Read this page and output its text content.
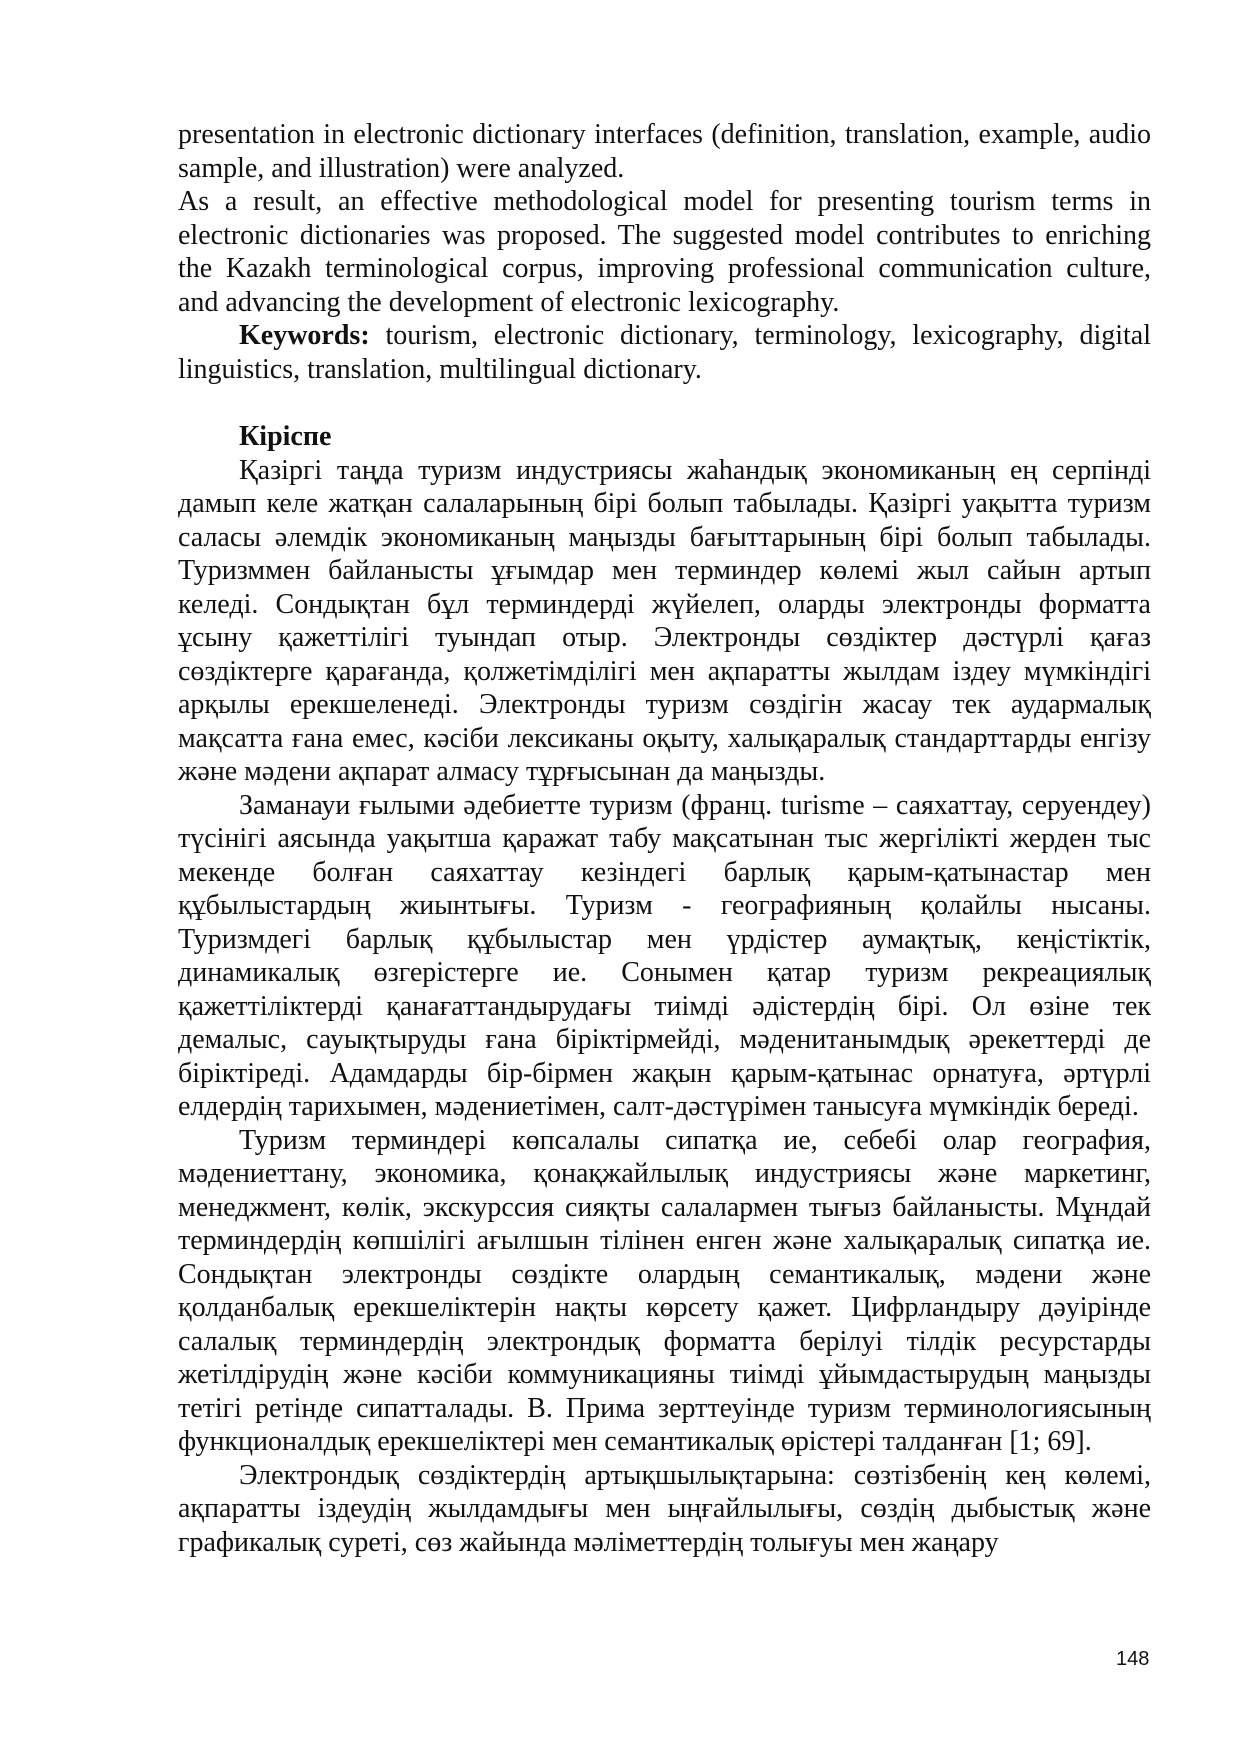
presentation in electronic dictionary interfaces (definition, translation, example, audio sample, and illustration) were analyzed.

As a result, an effective methodological model for presenting tourism terms in electronic dictionaries was proposed. The suggested model contributes to enriching the Kazakh terminological corpus, improving professional communication culture, and advancing the development of electronic lexicography.

Keywords: tourism, electronic dictionary, terminology, lexicography, digital linguistics, translation, multilingual dictionary.

Кіріспе

Қазіргі таңда туризм индустриясы жаһандық экономиканың ең серпінді дамып келе жатқан салаларының бірі болып табылады. Қазіргі уақытта туризм саласы әлемдік экономиканың маңызды бағыттарының бірі болып табылады. Туризммен байланысты ұғымдар мен терминдер көлемі жыл сайын артып келеді. Сондықтан бұл терминдерді жүйелеп, оларды электронды форматта ұсыну қажеттілігі туындап отыр. Электронды сөздіктер дәстүрлі қағаз сөздіктерге қарағанда, қолжетімділігі мен ақпаратты жылдам іздеу мүмкіндігі арқылы ерекшеленеді. Электронды туризм сөздігін жасау тек аудармалық мақсатта ғана емес, кәсіби лексиканы оқыту, халықаралық стандарттарды енгізу және мәдени ақпарат алмасу тұрғысынан да маңызды.

Заманауи ғылыми әдебиетте туризм (франц. turisme – саяхаттау, серуендеу) түсінігі аясында уақытша қаражат табу мақсатынан тыс жергілікті жерден тыс мекенде болған саяхаттау кезіндегі барлық қарым-қатынастар мен құбылыстардың жиынтығы. Туризм - географияның қолайлы нысаны. Туризмдегі барлық құбылыстар мен үрдістер аумақтық, кеңістіктік, динамикалық өзгерістерге ие. Сонымен қатар туризм рекреациялық қажеттіліктерді қанағаттандырудағы тиімді әдістердің бірі. Ол өзіне тек демалыс, сауықтыруды ғана біріктірмейді, мәденитанымдық әрекеттерді де біріктіреді. Адамдарды бір-бірмен жақын қарым-қатынас орнатуға, әртүрлі елдердің тарихымен, мәдениетімен, салт-дәстүрімен танысуға мүмкіндік береді.

Туризм терминдері көпсалалы сипатқа ие, себебі олар география, мәдениеттану, экономика, қонақжайлылық индустриясы және маркетинг, менеджмент, көлік, экскурссия сияқты салалармен тығыз байланысты. Мұндай терминдердің көпшілігі ағылшын тілінен енген және халықаралық сипатқа ие. Сондықтан электронды сөздікте олардың семантикалық, мәдени және қолданбалық ерекшеліктерін нақты көрсету қажет. Цифрландыру дәуірінде салалық терминдердің электрондық форматта берілуі тілдік ресурстарды жетілдірудің және кәсіби коммуникацияны тиімді ұйымдастырудың маңызды тетігі ретінде сипатталады. В. Прима зерттеуінде туризм терминологиясының функционалдық ерекшеліктері мен семантикалық өрістері талданған [1; 69].

Электрондық сөздіктердің артықшылықтарына: сөзтізбенің кең көлемі, ақпаратты іздеудің жылдамдығы мен ыңғайлылығы, сөздің дыбыстық және графикалық суреті, сөз жайында мәліметтердің толығуы мен жаңару

148
